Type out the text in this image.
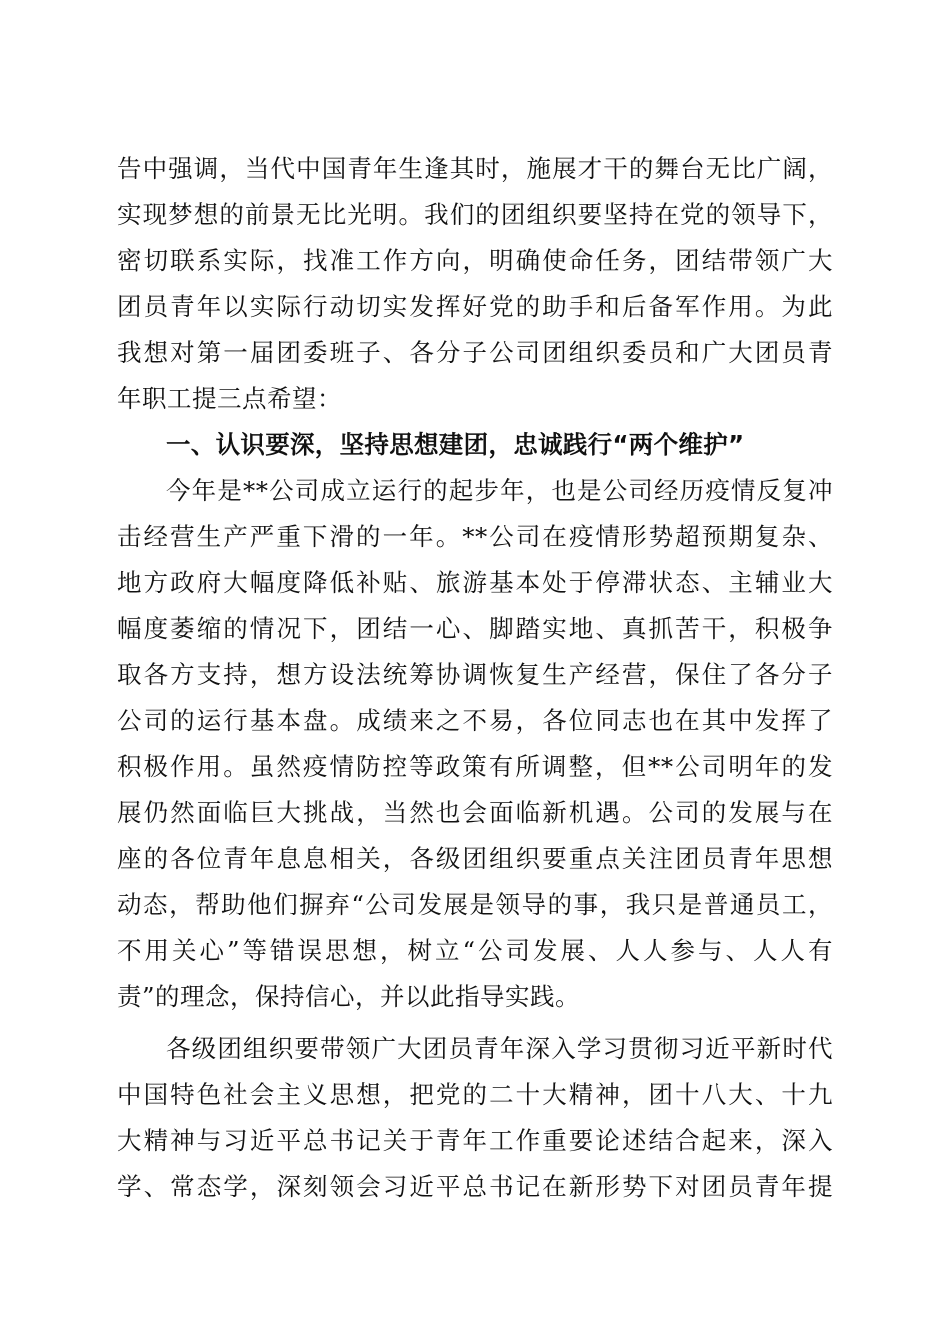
告中强调，当代中国青年生逢其时，施展才干的舞台无比广阔，
实现梦想的前景无比光明。我们的团组织要坚持在党的领导下，
密切联系实际，找准工作方向，明确使命任务，团结带领广大
团员青年以实际行动切实发挥好党的助手和后备军作用。为此
我想对第一届团委班子、各分子公司团组织委员和广大团员青
年职工提三点希望：
一、认识要深，坚持思想建团，忠诚践行“两个维护”
今年是**公司成立运行的起步年，也是公司经历疫情反复冲
击经营生产严重下滑的一年。**公司在疫情形势超预期复杂、
地方政府大幅度降低补贴、旅游基本处于停滞状态、主辅业大
幅度萎缩的情况下，团结一心、脚踏实地、真抓苦干，积极争
取各方支持，想方设法统筹协调恢复生产经营，保住了各分子
公司的运行基本盘。成绩来之不易，各位同志也在其中发挥了
积极作用。虽然疫情防控等政策有所调整，但**公司明年的发
展仍然面临巨大挑战，当然也会面临新机遇。公司的发展与在
座的各位青年息息相关，各级团组织要重点关注团员青年思想
动态，帮助他们摒弃“公司发展是领导的事，我只是普通员工，
不用关心”等错误思想，树立“公司发展、人人参与、人人有
责”的理念，保持信心，并以此指导实践。
各级团组织要带领广大团员青年深入学习贯彻习近平新时代
中国特色社会主义思想，把党的二十大精神，团十八大、十九
大精神与习近平总书记关于青年工作重要论述结合起来，深入
学、常态学，深刻领会习近平总书记在新形势下对团员青年提
